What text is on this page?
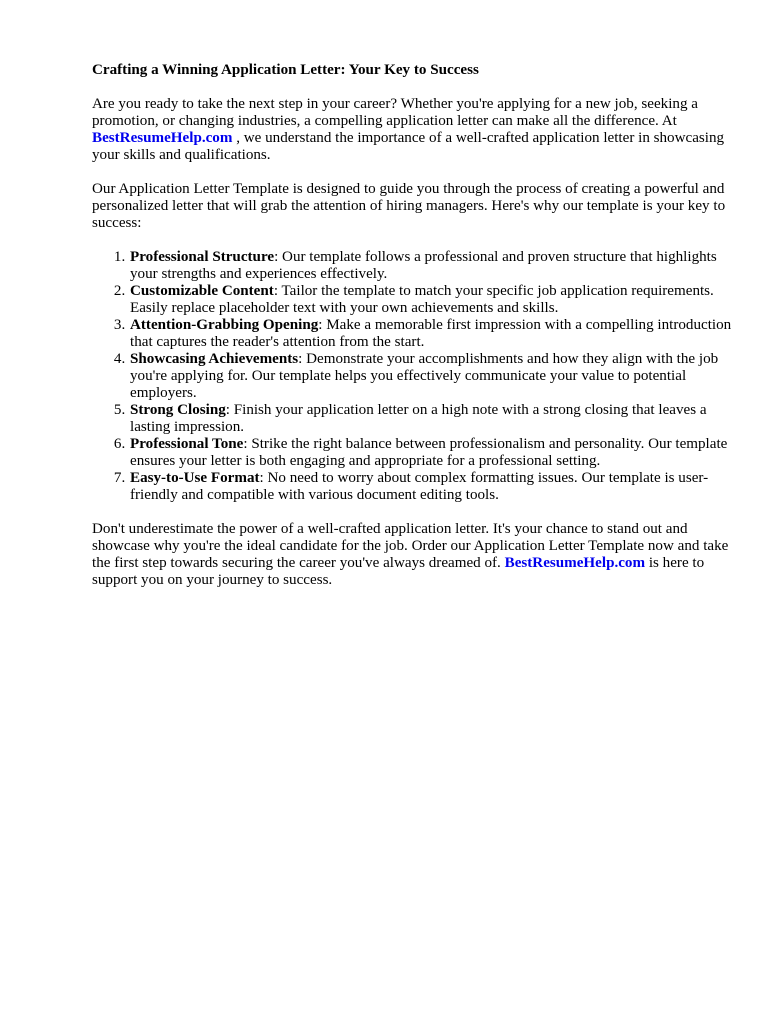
Crafting a Winning Application Letter: Your Key to Success

Are you ready to take the next step in your career? Whether you're applying for a new job, seeking a promotion, or changing industries, a compelling application letter can make all the difference. At BestResumeHelp.com , we understand the importance of a well-crafted application letter in showcasing your skills and qualifications.

Our Application Letter Template is designed to guide you through the process of creating a powerful and personalized letter that will grab the attention of hiring managers. Here's why our template is your key to success:

1. Professional Structure: Our template follows a professional and proven structure that highlights your strengths and experiences effectively.
2. Customizable Content: Tailor the template to match your specific job application requirements. Easily replace placeholder text with your own achievements and skills.
3. Attention-Grabbing Opening: Make a memorable first impression with a compelling introduction that captures the reader's attention from the start.
4. Showcasing Achievements: Demonstrate your accomplishments and how they align with the job you're applying for. Our template helps you effectively communicate your value to potential employers.
5. Strong Closing: Finish your application letter on a high note with a strong closing that leaves a lasting impression.
6. Professional Tone: Strike the right balance between professionalism and personality. Our template ensures your letter is both engaging and appropriate for a professional setting.
7. Easy-to-Use Format: No need to worry about complex formatting issues. Our template is user-friendly and compatible with various document editing tools.

Don't underestimate the power of a well-crafted application letter. It's your chance to stand out and showcase why you're the ideal candidate for the job. Order our Application Letter Template now and take the first step towards securing the career you've always dreamed of. BestResumeHelp.com is here to support you on your journey to success.
